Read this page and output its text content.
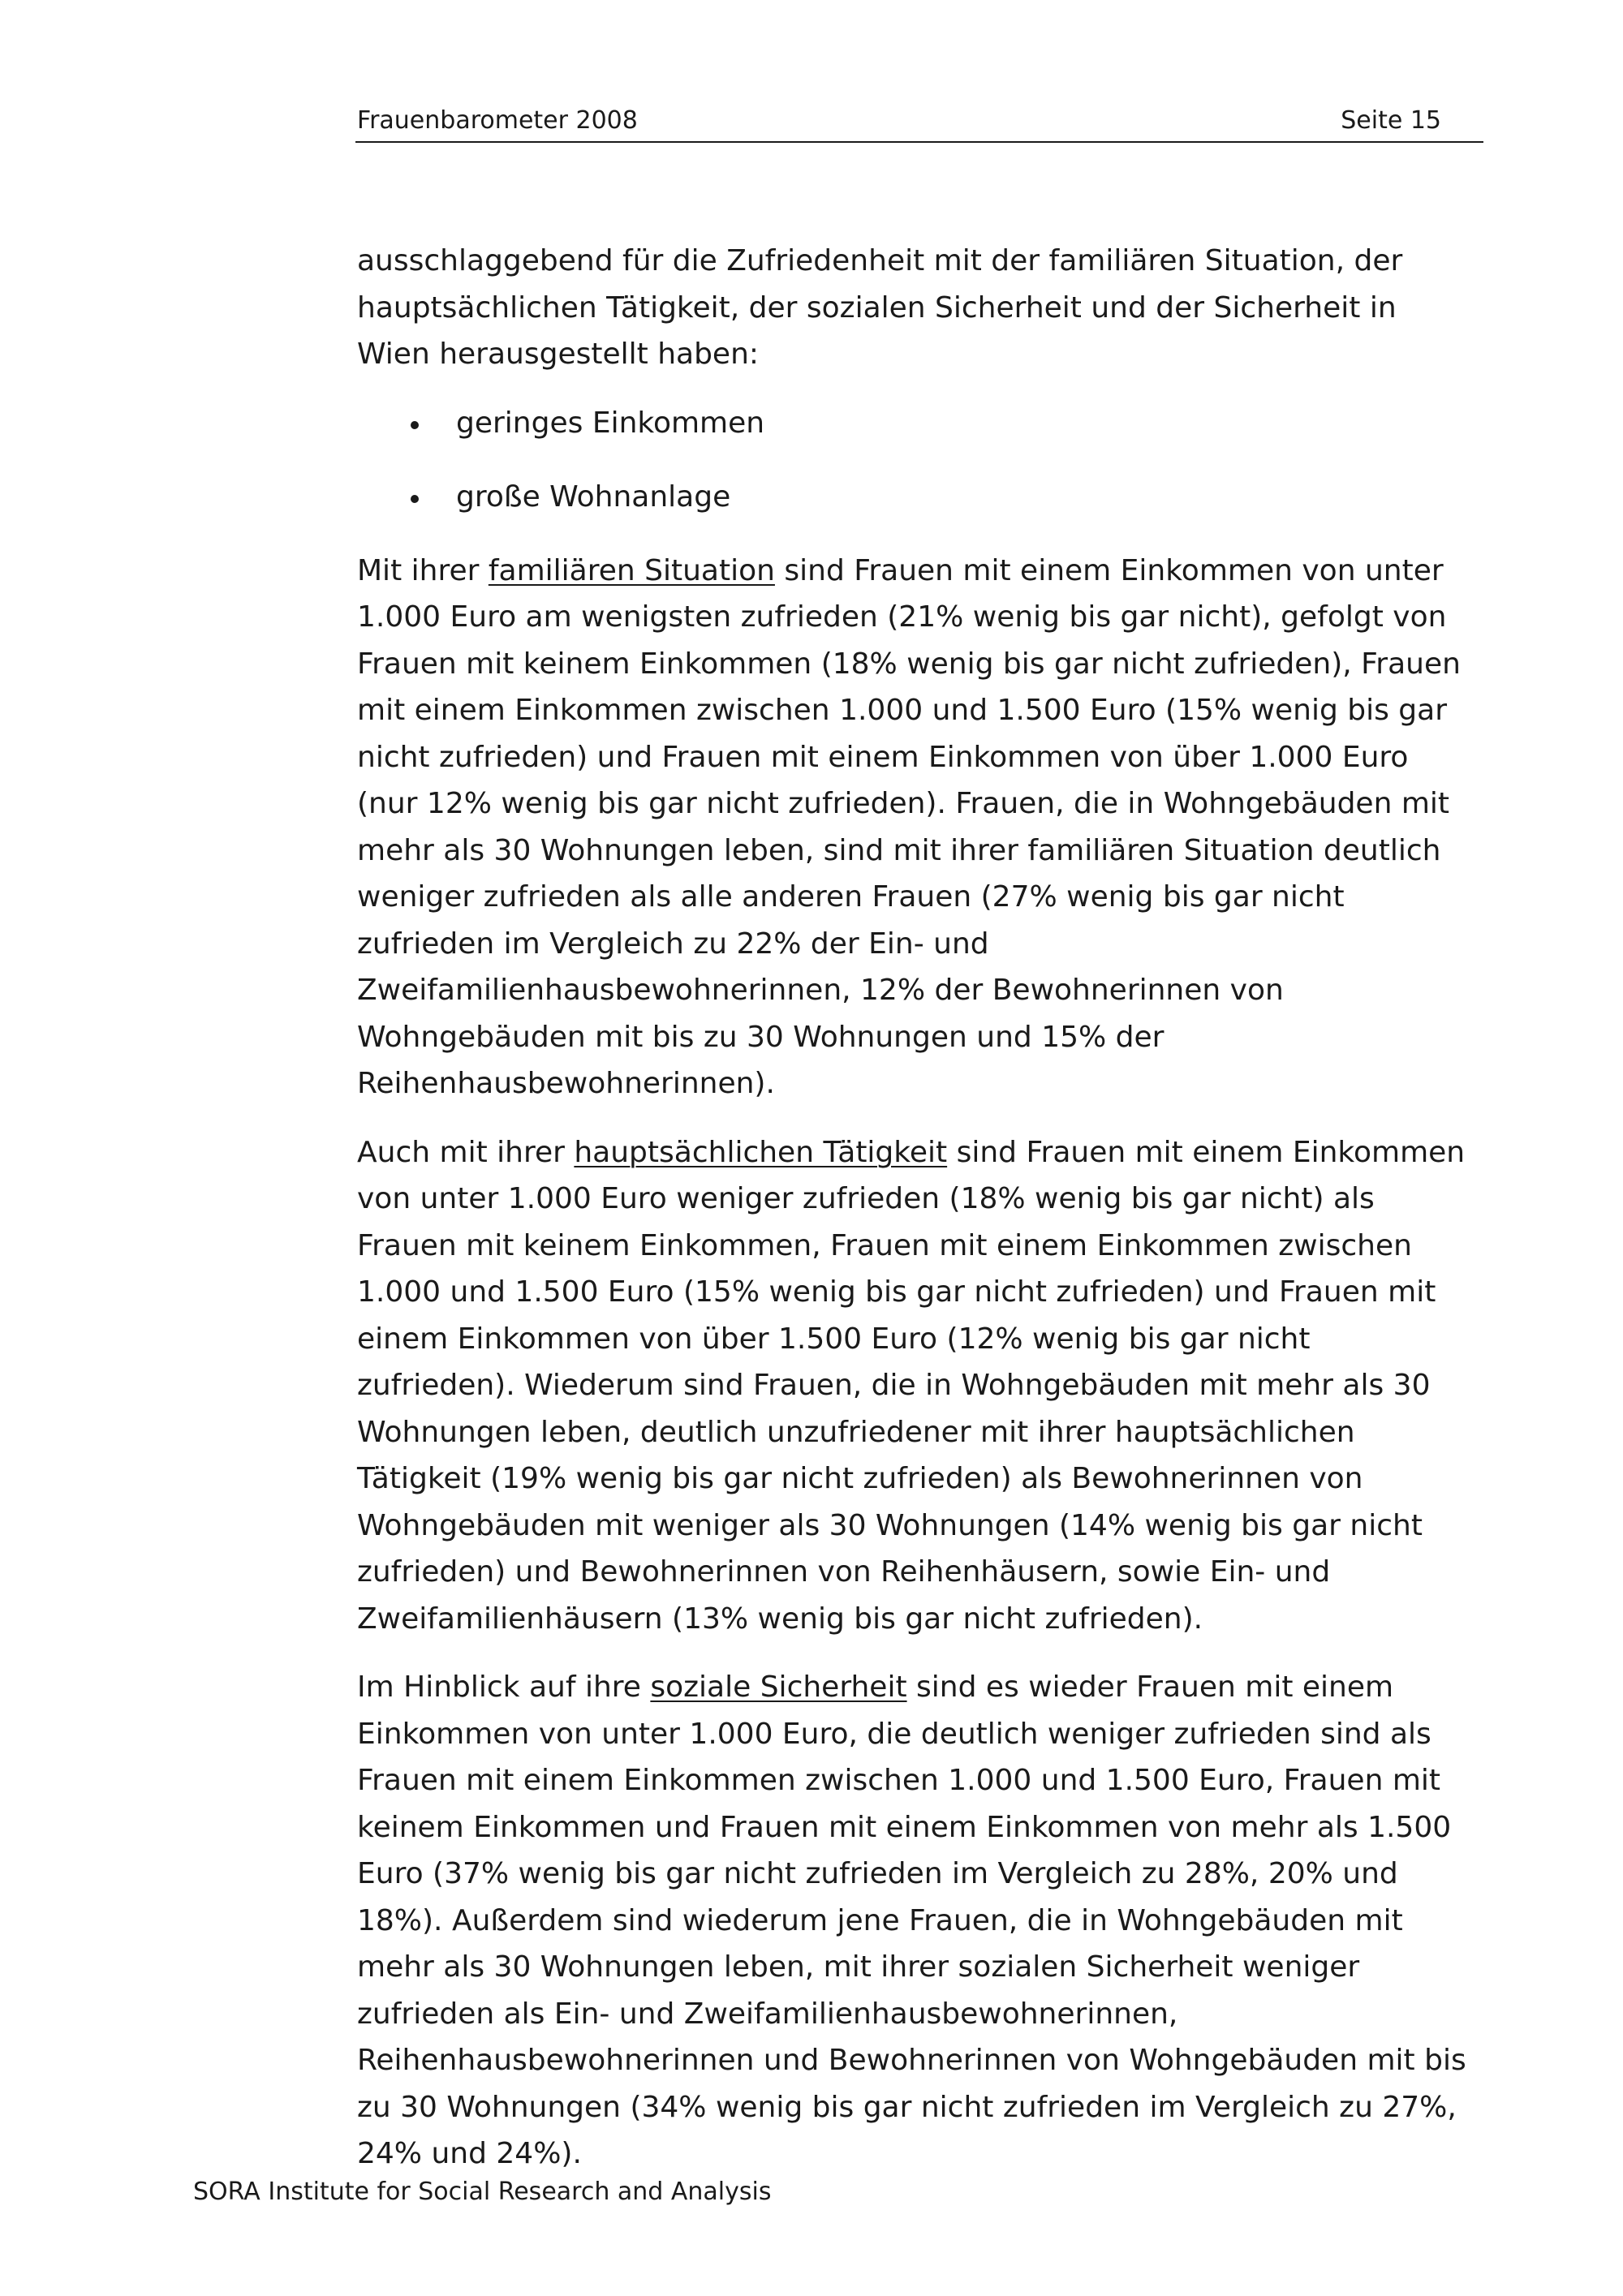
Frauenbarometer 2008	Seite 15

ausschlaggebend für die Zufriedenheit mit der familiären Situation, der hauptsächlichen Tätigkeit, der sozialen Sicherheit und der Sicherheit in Wien herausgestellt haben:

geringes Einkommen
große Wohnanlage

Mit ihrer familiären Situation sind Frauen mit einem Einkommen von unter 1.000 Euro am wenigsten zufrieden (21% wenig bis gar nicht), gefolgt von Frauen mit keinem Einkommen (18% wenig bis gar nicht zufrieden), Frauen mit einem Einkommen zwischen 1.000 und 1.500 Euro (15% wenig bis gar nicht zufrieden) und Frauen mit einem Einkommen von über 1.000 Euro (nur 12% wenig bis gar nicht zufrieden). Frauen, die in Wohngebäuden mit mehr als 30 Wohnungen leben, sind mit ihrer familiären Situation deutlich weniger zufrieden als alle anderen Frauen (27% wenig bis gar nicht zufrieden im Vergleich zu 22% der Ein- und Zweifamilienhausbewohnerinnen, 12% der Bewohnerinnen von Wohngebäuden mit bis zu 30 Wohnungen und 15% der Reihenhausbewohnerinnen).

Auch mit ihrer hauptsächlichen Tätigkeit sind Frauen mit einem Einkommen von unter 1.000 Euro weniger zufrieden (18% wenig bis gar nicht) als Frauen mit keinem Einkommen, Frauen mit einem Einkommen zwischen 1.000 und 1.500 Euro (15% wenig bis gar nicht zufrieden) und Frauen mit einem Einkommen von über 1.500 Euro (12% wenig bis gar nicht zufrieden). Wiederum sind Frauen, die in Wohngebäuden mit mehr als 30 Wohnungen leben, deutlich unzufriedener mit ihrer hauptsächlichen Tätigkeit (19% wenig bis gar nicht zufrieden) als Bewohnerinnen von Wohngebäuden mit weniger als 30 Wohnungen (14% wenig bis gar nicht zufrieden) und Bewohnerinnen von Reihenhäusern, sowie Ein- und Zweifamilienhäusern (13% wenig bis gar nicht zufrieden).

Im Hinblick auf ihre soziale Sicherheit sind es wieder Frauen mit einem Einkommen von unter 1.000 Euro, die deutlich weniger zufrieden sind als Frauen mit einem Einkommen zwischen 1.000 und 1.500 Euro, Frauen mit keinem Einkommen und Frauen mit einem Einkommen von mehr als 1.500 Euro (37% wenig bis gar nicht zufrieden im Vergleich zu 28%, 20% und 18%). Außerdem sind wiederum jene Frauen, die in Wohngebäuden mit mehr als 30 Wohnungen leben, mit ihrer sozialen Sicherheit weniger zufrieden als Ein- und Zweifamilienhausbewohnerinnen, Reihenhausbewohnerinnen und Bewohnerinnen von Wohngebäuden mit bis zu 30 Wohnungen (34% wenig bis gar nicht zufrieden im Vergleich zu 27%, 24% und 24%).

SORA Institute for Social Research and Analysis
